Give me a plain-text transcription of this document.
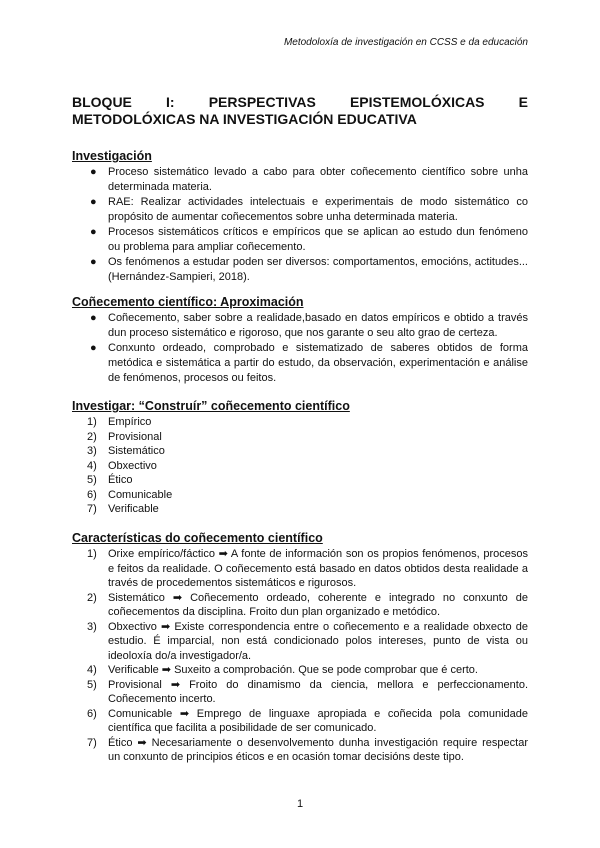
Metodoloxía de investigación en CCSS e da educación
BLOQUE I: PERSPECTIVAS EPISTEMOLÓXICAS E
METODOLÓXICAS NA INVESTIGACIÓN EDUCATIVA
Investigación
● Proceso sistemático levado a cabo para obter coñecemento científico sobre unha determinada materia.
● RAE: Realizar actividades intelectuais e experimentais de modo sistemático co propósito de aumentar coñecementos sobre unha determinada materia.
● Procesos sistemáticos críticos e empíricos que se aplican ao estudo dun fenómeno ou problema para ampliar coñecemento.
● Os fenómenos a estudar poden ser diversos: comportamentos, emocións, actitudes... (Hernández-Sampieri, 2018).
Coñecemento científico: Aproximación
● Coñecemento, saber sobre a realidade,basado en datos empíricos e obtido a través dun proceso sistemático e rigoroso, que nos garante o seu alto grao de certeza.
● Conxunto ordeado, comprobado e sistematizado de saberes obtidos de forma metódica e sistemática a partir do estudo, da observación, experimentación e análise de fenómenos, procesos ou feitos.
Investigar: “Construír” coñecemento científico
1) Empírico
2) Provisional
3) Sistemático
4) Obxectivo
5) Ético
6) Comunicable
7) Verificable
Características do coñecemento científico
1) Orixe empírico/fáctico ➡ A fonte de información son os propios fenómenos, procesos e feitos da realidade. O coñecemento está basado en datos obtidos desta realidade a través de procedementos sistemáticos e rigurosos.
2) Sistemático ➡ Coñecemento ordeado, coherente e integrado no conxunto de coñecementos da disciplina. Froito dun plan organizado e metódico.
3) Obxectivo ➡ Existe correspondencia entre o coñecemento e a realidade obxecto de estudio. É imparcial, non está condicionado polos intereses, punto de vista ou ideoloxía do/a investigador/a.
4) Verificable ➡ Suxeito a comprobación. Que se pode comprobar que é certo.
5) Provisional ➡ Froito do dinamismo da ciencia, mellora e perfeccionamento. Coñecemento incerto.
6) Comunicable ➡ Emprego de linguaxe apropiada e coñecida pola comunidade científica que facilita a posibilidade de ser comunicado.
7) Ético ➡ Necesariamente o desenvolvemento dunha investigación require respectar un conxunto de principios éticos e en ocasión tomar decisións deste tipo.
1
